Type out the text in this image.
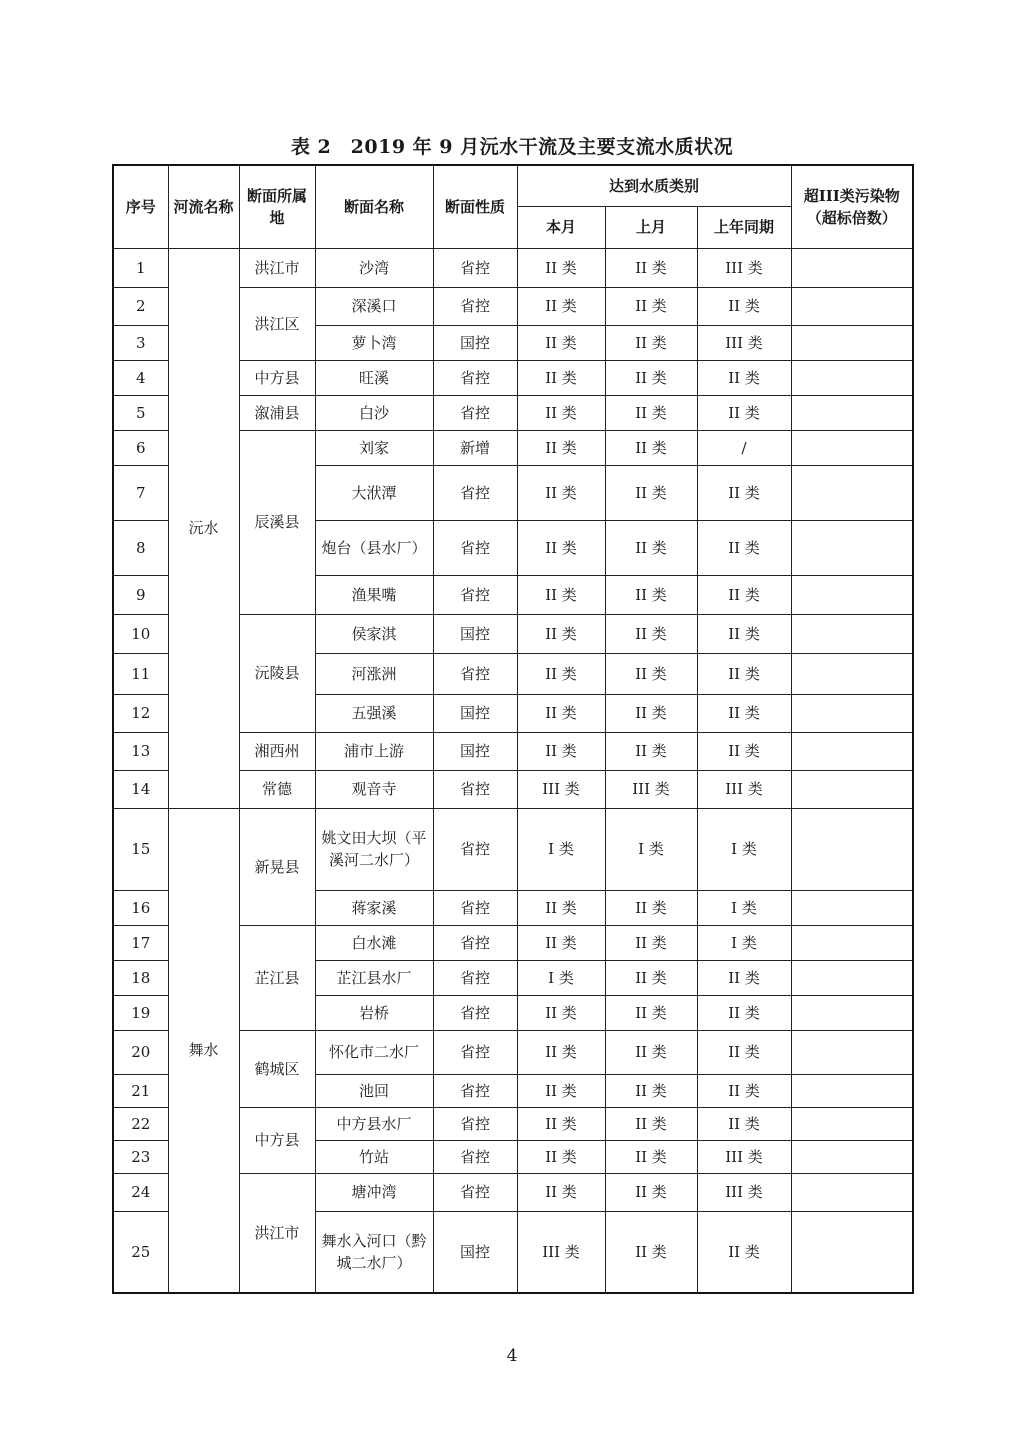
表 2　2019 年 9 月沅水干流及主要支流水质状况
序号	河流名称	断面所属地	断面名称	断面性质	达到水质类别			超III类污染物（超标倍数）
					本月	上月	上年同期	
1	沅水	洪江市	沙湾	省控	II 类	II 类	III 类	
2		洪江区	深溪口	省控	II 类	II 类	II 类	
3			萝卜湾	国控	II 类	II 类	III 类	
4		中方县	旺溪	省控	II 类	II 类	II 类	
5		溆浦县	白沙	省控	II 类	II 类	II 类	
6		辰溪县	刘家	新增	II 类	II 类	/	
7			大洑潭	省控	II 类	II 类	II 类	
8			炮台（县水厂）	省控	II 类	II 类	II 类	
9			渔果嘴	省控	II 类	II 类	II 类	
10		沅陵县	侯家淇	国控	II 类	II 类	II 类	
11			河涨洲	省控	II 类	II 类	II 类	
12			五强溪	国控	II 类	II 类	II 类	
13		湘西州	浦市上游	国控	II 类	II 类	II 类	
14		常德	观音寺	省控	III 类	III 类	III 类	
15	舞水	新晃县	姚文田大坝（平溪河二水厂）	省控	I 类	I 类	I 类	
16			蒋家溪	省控	II 类	II 类	I 类	
17		芷江县	白水滩	省控	II 类	II 类	I 类	
18			芷江县水厂	省控	I 类	II 类	II 类	
19			岩桥	省控	II 类	II 类	II 类	
20		鹤城区	怀化市二水厂	省控	II 类	II 类	II 类	
21			池回	省控	II 类	II 类	II 类	
22		中方县	中方县水厂	省控	II 类	II 类	II 类	
23			竹站	省控	II 类	II 类	III 类	
24		洪江市	塘冲湾	省控	II 类	II 类	III 类	
25			舞水入河口（黔城二水厂）	国控	III 类	II 类	II 类	
4
